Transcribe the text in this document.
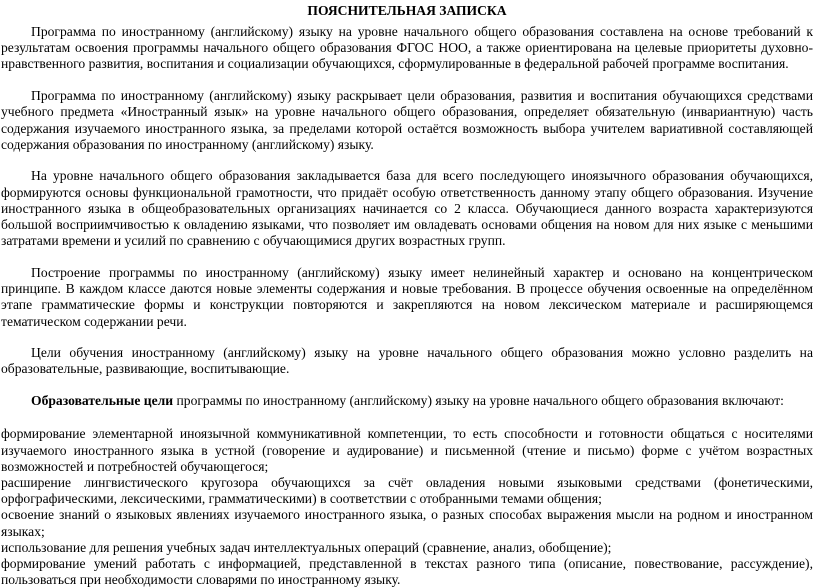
ПОЯСНИТЕЛЬНАЯ ЗАПИСКА

Программа по иностранному (английскому) языку на уровне начального общего образования составлена на основе требований к результатам освоения программы начального общего образования ФГОС НОО, а также ориентирована на целевые приоритеты духовно-нравственного развития, воспитания и социализации обучающихся, сформулированные в федеральной рабочей программе воспитания.

Программа по иностранному (английскому) языку раскрывает цели образования, развития и воспитания обучающихся средствами учебного предмета «Иностранный язык» на уровне начального общего образования, определяет обязательную (инвариантную) часть содержания изучаемого иностранного языка, за пределами которой остаётся возможность выбора учителем вариативной составляющей содержания образования по иностранному (английскому) языку.

На уровне начального общего образования закладывается база для всего последующего иноязычного образования обучающихся, формируются основы функциональной грамотности, что придаёт особую ответственность данному этапу общего образования. Изучение иностранного языка в общеобразовательных организациях начинается со 2 класса. Обучающиеся данного возраста характеризуются большой восприимчивостью к овладению языками, что позволяет им овладевать основами общения на новом для них языке с меньшими затратами времени и усилий по сравнению с обучающимися других возрастных групп.

Построение программы по иностранному (английскому) языку имеет нелинейный характер и основано на концентрическом принципе. В каждом классе даются новые элементы содержания и новые требования. В процессе обучения освоенные на определённом этапе грамматические формы и конструкции повторяются и закрепляются на новом лексическом материале и расширяющемся тематическом содержании речи.

Цели обучения иностранному (английскому) языку на уровне начального общего образования можно условно разделить на образовательные, развивающие, воспитывающие.

Образовательные цели программы по иностранному (английскому) языку на уровне начального общего образования включают:

формирование элементарной иноязычной коммуникативной компетенции, то есть способности и готовности общаться с носителями изучаемого иностранного языка в устной (говорение и аудирование) и письменной (чтение и письмо) форме с учётом возрастных возможностей и потребностей обучающегося;

расширение лингвистического кругозора обучающихся за счёт овладения новыми языковыми средствами (фонетическими, орфографическими, лексическими, грамматическими) в соответствии c отобранными темами общения;

освоение знаний о языковых явлениях изучаемого иностранного языка, о разных способах выражения мысли на родном и иностранном языках;

использование для решения учебных задач интеллектуальных операций (сравнение, анализ, обобщение);

формирование умений работать с информацией, представленной в текстах разного типа (описание, повествование, рассуждение), пользоваться при необходимости словарями по иностранному языку.
